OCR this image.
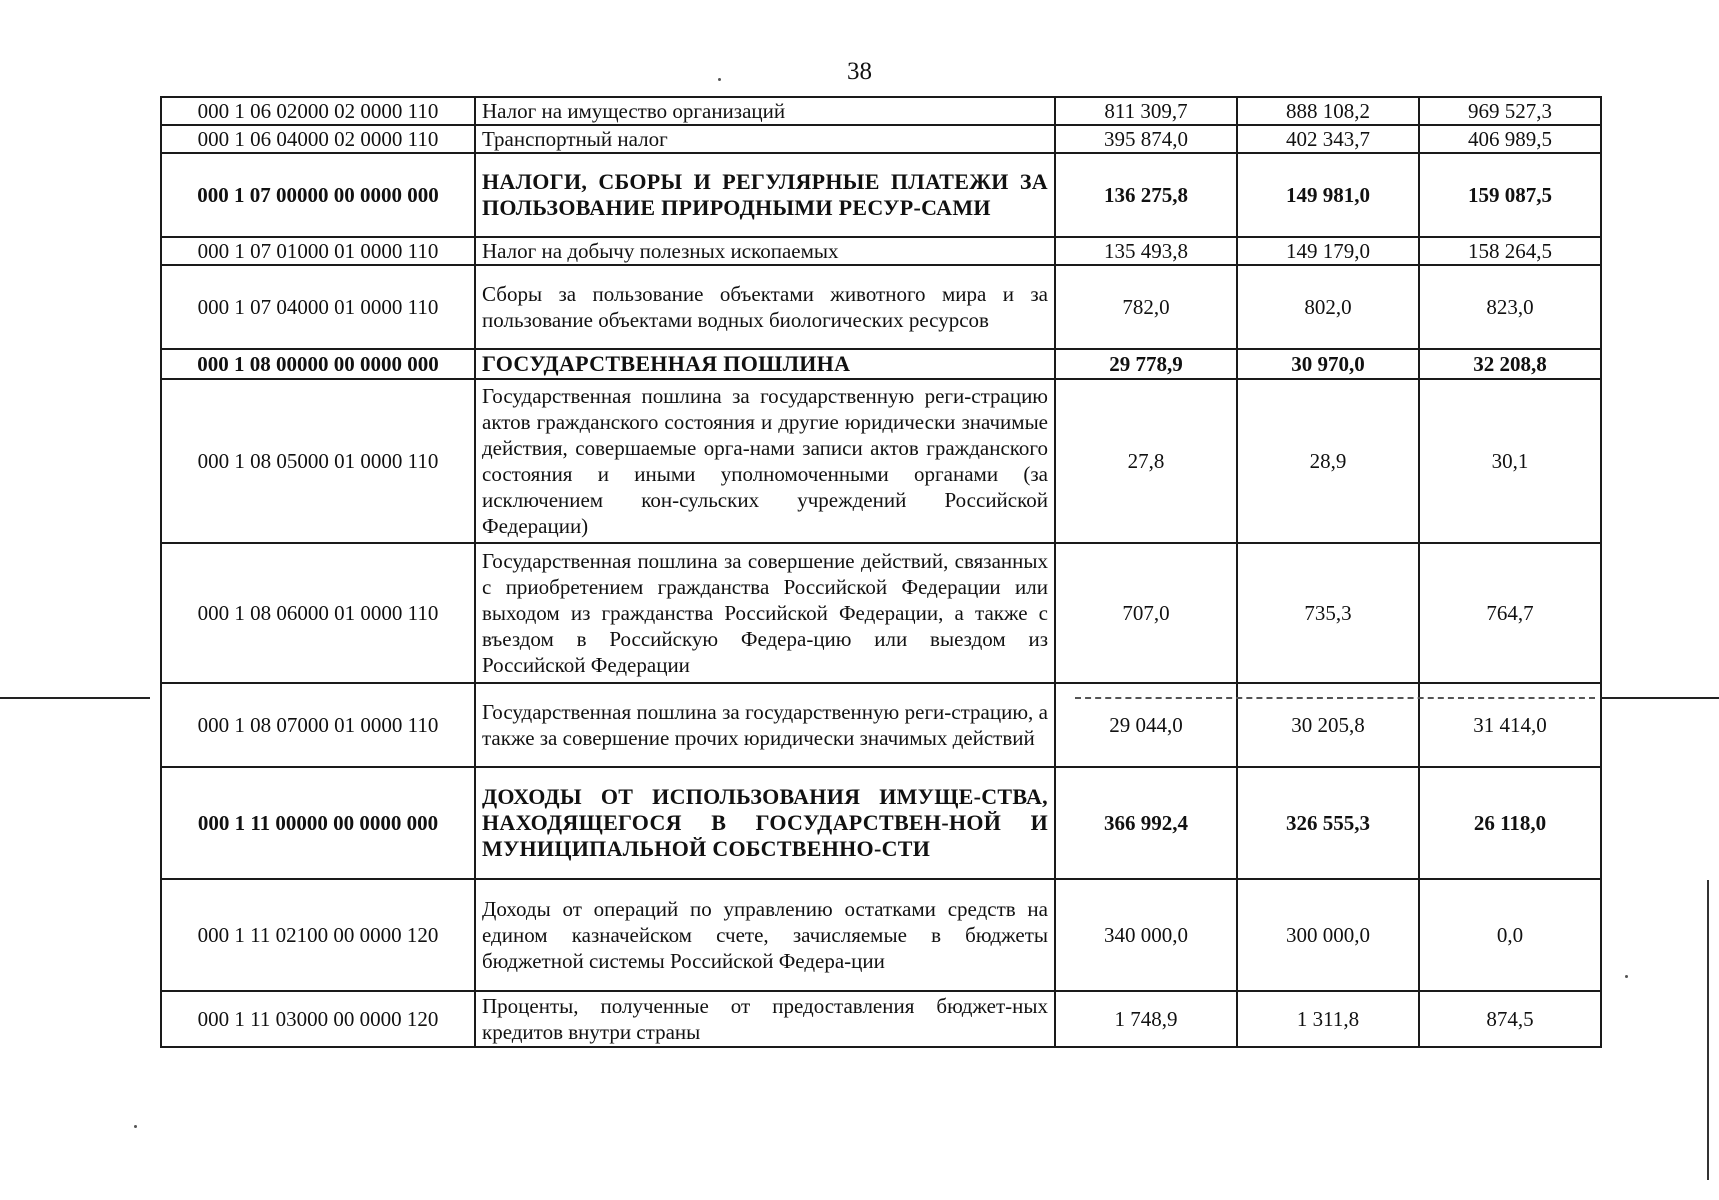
38
000 1 06 02000 02 0000 110	Налог на имущество организаций	811 309,7	888 108,2	969 527,3
000 1 06 04000 02 0000 110	Транспортный налог	395 874,0	402 343,7	406 989,5
000 1 07 00000 00 0000 000	НАЛОГИ, СБОРЫ И РЕГУЛЯРНЫЕ ПЛАТЕЖИ ЗА ПОЛЬЗОВАНИЕ ПРИРОДНЫМИ РЕСУР-САМИ	136 275,8	149 981,0	159 087,5
000 1 07 01000 01 0000 110	Налог на добычу полезных ископаемых	135 493,8	149 179,0	158 264,5
000 1 07 04000 01 0000 110	Сборы за пользование объектами животного мира и за пользование объектами водных биологических ресурсов	782,0	802,0	823,0
000 1 08 00000 00 0000 000	ГОСУДАРСТВЕННАЯ ПОШЛИНА	29 778,9	30 970,0	32 208,8
000 1 08 05000 01 0000 110	Государственная пошлина за государственную реги-страцию актов гражданского состояния и другие юридически значимые действия, совершаемые орга-нами записи актов гражданского состояния и иными уполномоченными органами (за исключением кон-сульских учреждений Российской Федерации)	27,8	28,9	30,1
000 1 08 06000 01 0000 110	Государственная пошлина за совершение действий, связанных с приобретением гражданства Российской Федерации или выходом из гражданства Российской Федерации, а также с въездом в Российскую Федера-цию или выездом из Российской Федерации	707,0	735,3	764,7
000 1 08 07000 01 0000 110	Государственная пошлина за государственную реги-страцию, а также за совершение прочих юридически значимых действий	29 044,0	30 205,8	31 414,0
000 1 11 00000 00 0000 000	ДОХОДЫ ОТ ИСПОЛЬЗОВАНИЯ ИМУЩЕ-СТВА, НАХОДЯЩЕГОСЯ В ГОСУДАРСТВЕН-НОЙ И МУНИЦИПАЛЬНОЙ СОБСТВЕННО-СТИ	366 992,4	326 555,3	26 118,0
000 1 11 02100 00 0000 120	Доходы от операций по управлению остатками средств на едином казначейском счете, зачисляемые в бюджеты бюджетной системы Российской Федера-ции	340 000,0	300 000,0	0,0
000 1 11 03000 00 0000 120	Проценты, полученные от предоставления бюджет-ных кредитов внутри страны	1 748,9	1 311,8	874,5
